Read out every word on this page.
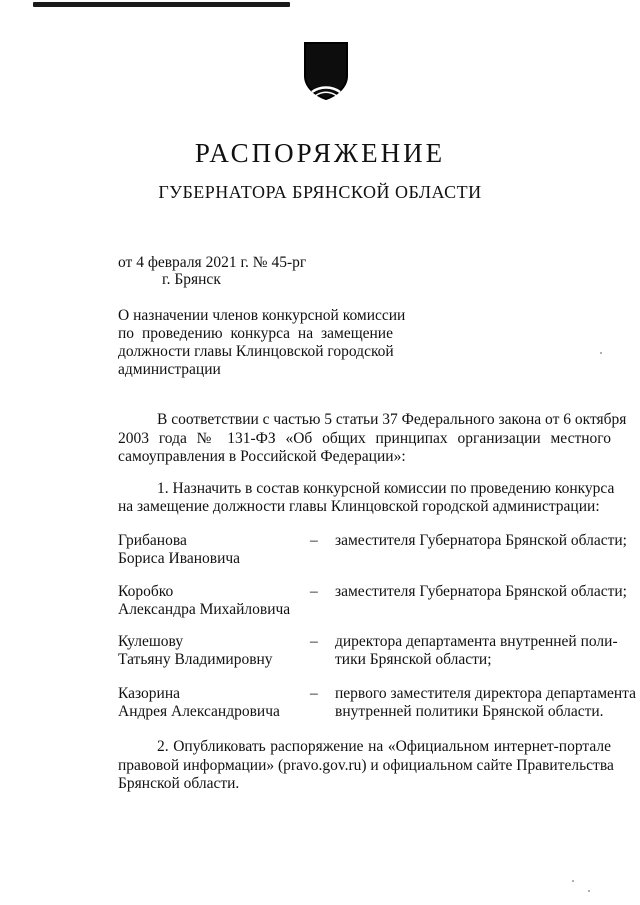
РАСПОРЯЖЕНИЕ
ГУБЕРНАТОРА БРЯНСКОЙ ОБЛАСТИ
от 4 февраля 2021 г. № 45-рг
г. Брянск
О назначении членов конкурсной комиссии
по проведению конкурса на замещение
должности главы Клинцовской городской
администрации
В соответствии с частью 5 статьи 37 Федерального закона от 6 октября
2003 года № 131-ФЗ «Об общих принципах организации местного
самоуправления в Российской Федерации»:
1. Назначить в состав конкурсной комиссии по проведению конкурса
на замещение должности главы Клинцовской городской администрации:
Грибанова
Бориса Ивановича
– заместителя Губернатора Брянской области;
Коробко
Александра Михайловича
– заместителя Губернатора Брянской области;
Кулешову
Татьяну Владимировну
– директора департамента внутренней поли-
тики Брянской области;
Казорина
Андрея Александровича
– первого заместителя директора департамента
внутренней политики Брянской области.
2. Опубликовать распоряжение на «Официальном интернет-портале
правовой информации» (pravo.gov.ru) и официальном сайте Правительства
Брянской области.
